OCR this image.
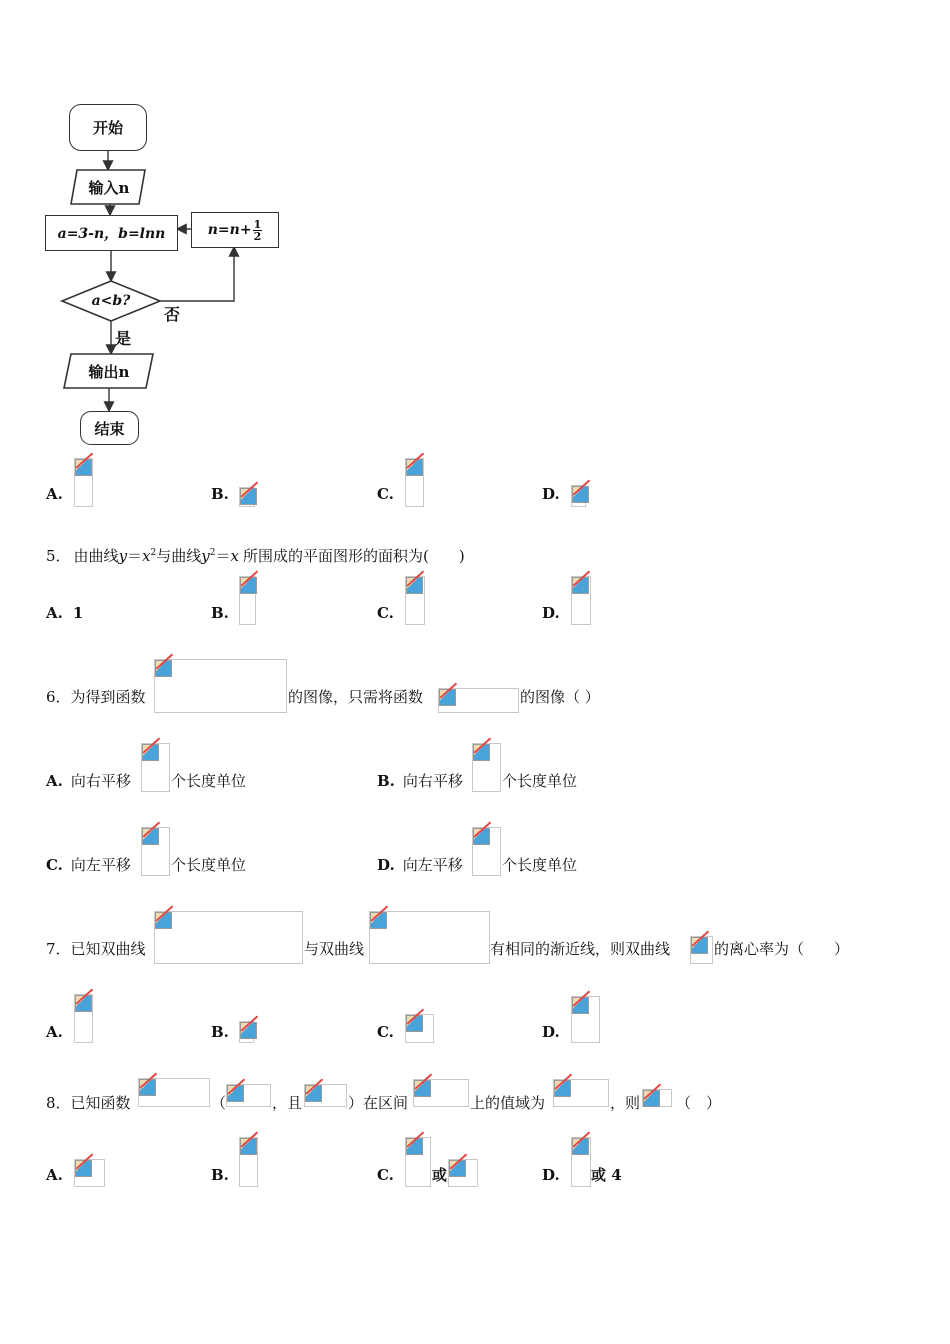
开始
输入n
a=3-n，b=lnn	$n=n+ \frac{1}{2}$
a<b?
否
是
输出n
结束
A.	B.	C.	D.
5． 由曲线$y=x^2$与曲线$y^2=x$ 所围成的平面图形的面积为(　　)
A. 1	B.	C.	D.
6．为得到函数	的图像，只需将函数	的图像（ ）
A. 向右平移	个长度单位	B. 向右平移	个长度单位
C. 向左平移	个长度单位	D. 向左平移	个长度单位
7．已知双曲线	与双曲线	有相同的渐近线，则双曲线	的离心率为（　　）
A.	B.	C.	D.
8．已知函数	（	，且	）在区间	上的值域为	，则 （　）
A.	B.	C.	或	D. 或 4
